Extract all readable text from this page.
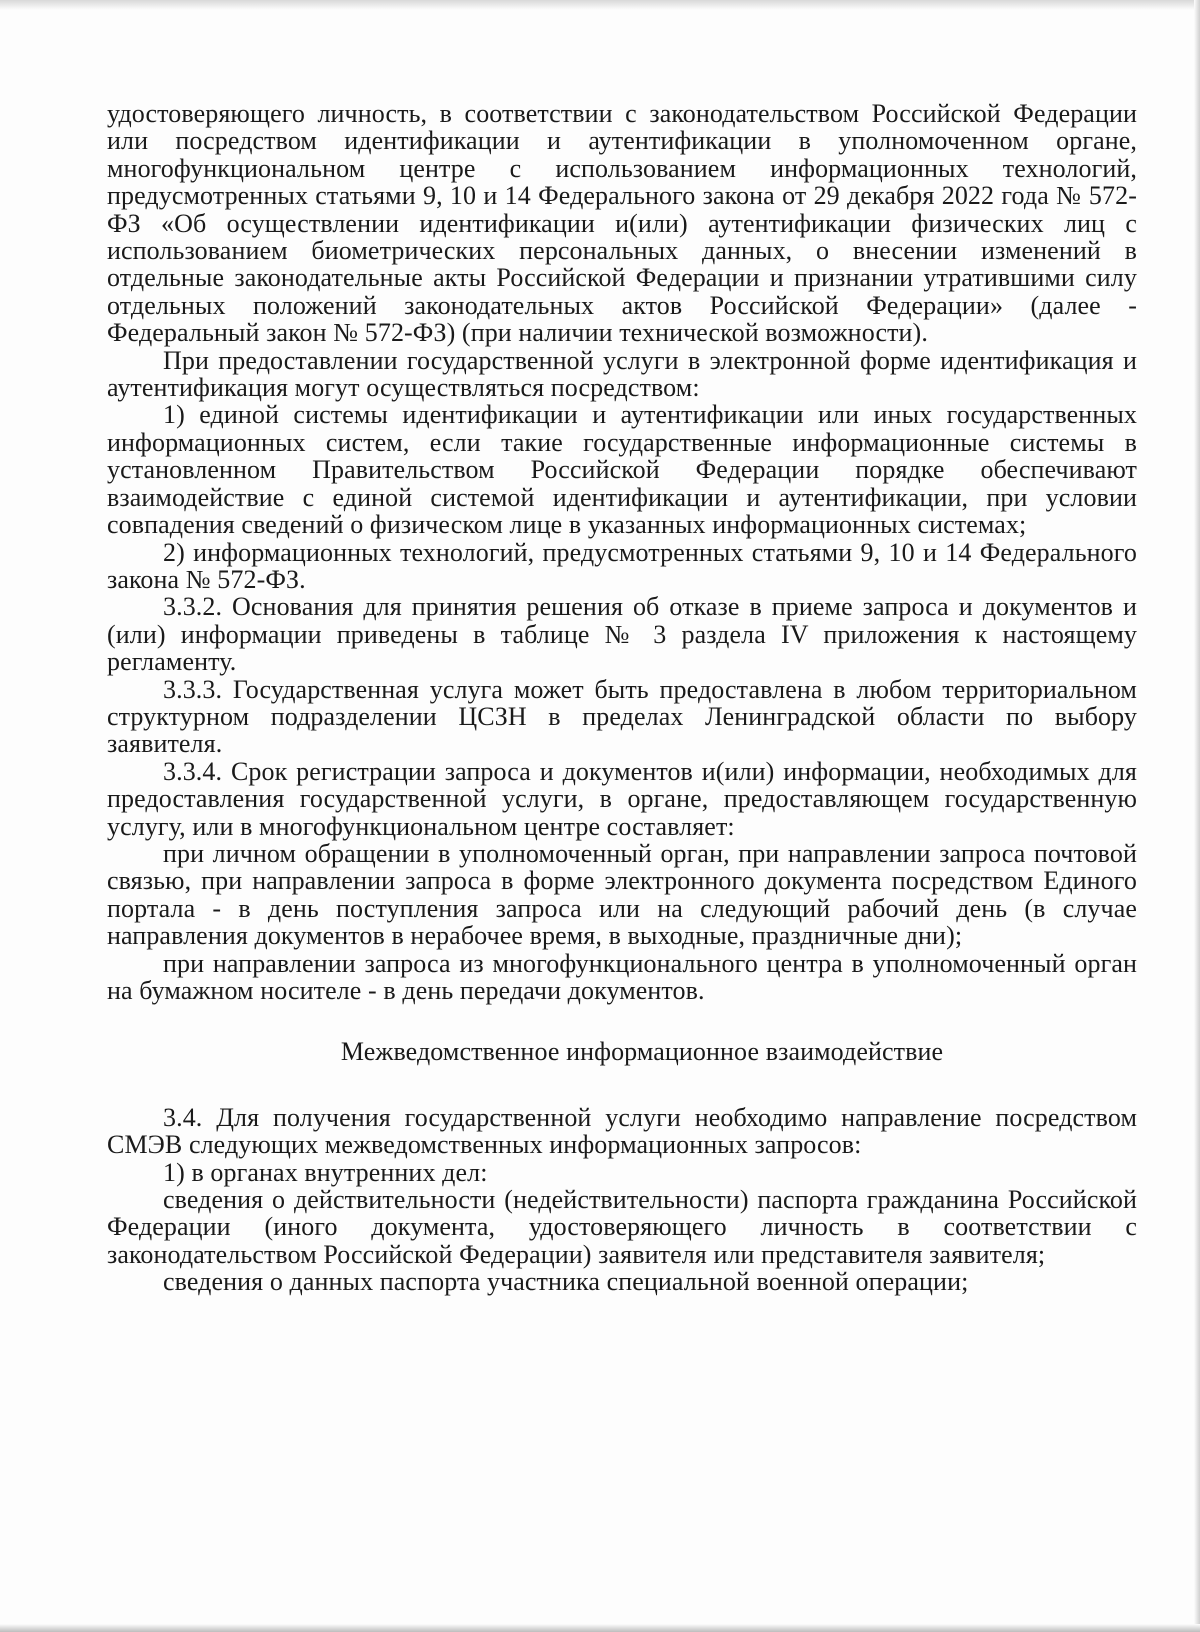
удостоверяющего личность, в соответствии с законодательством Российской Федерации или посредством идентификации и аутентификации в уполномоченном органе, многофункциональном центре с использованием информационных технологий, предусмотренных статьями 9, 10 и 14 Федерального закона от 29 декабря 2022 года № 572-ФЗ «Об осуществлении идентификации и(или) аутентификации физических лиц с использованием биометрических персональных данных, о внесении изменений в отдельные законодательные акты Российской Федерации и признании утратившими силу отдельных положений законодательных актов Российской Федерации» (далее - Федеральный закон № 572-ФЗ) (при наличии технической возможности).

При предоставлении государственной услуги в электронной форме идентификация и аутентификация могут осуществляться посредством:

1) единой системы идентификации и аутентификации или иных государственных информационных систем, если такие государственные информационные системы в установленном Правительством Российской Федерации порядке обеспечивают взаимодействие с единой системой идентификации и аутентификации, при условии совпадения сведений о физическом лице в указанных информационных системах;

2) информационных технологий, предусмотренных статьями 9, 10 и 14 Федерального закона № 572-ФЗ.

3.3.2. Основания для принятия решения об отказе в приеме запроса и документов и (или) информации приведены в таблице № 3 раздела IV приложения к настоящему регламенту.

3.3.3. Государственная услуга может быть предоставлена в любом территориальном структурном подразделении ЦСЗН в пределах Ленинградской области по выбору заявителя.

3.3.4. Срок регистрации запроса и документов и(или) информации, необходимых для предоставления государственной услуги, в органе, предоставляющем государственную услугу, или в многофункциональном центре составляет:

при личном обращении в уполномоченный орган, при направлении запроса почтовой связью, при направлении запроса в форме электронного документа посредством Единого портала - в день поступления запроса или на следующий рабочий день (в случае направления документов в нерабочее время, в выходные, праздничные дни);

при направлении запроса из многофункционального центра в уполномоченный орган на бумажном носителе - в день передачи документов.

Межведомственное информационное взаимодействие

3.4. Для получения государственной услуги необходимо направление посредством СМЭВ следующих межведомственных информационных запросов:

1) в органах внутренних дел:

сведения о действительности (недействительности) паспорта гражданина Российской Федерации (иного документа, удостоверяющего личность в соответствии с законодательством Российской Федерации) заявителя или представителя заявителя;

сведения о данных паспорта участника специальной военной операции;
